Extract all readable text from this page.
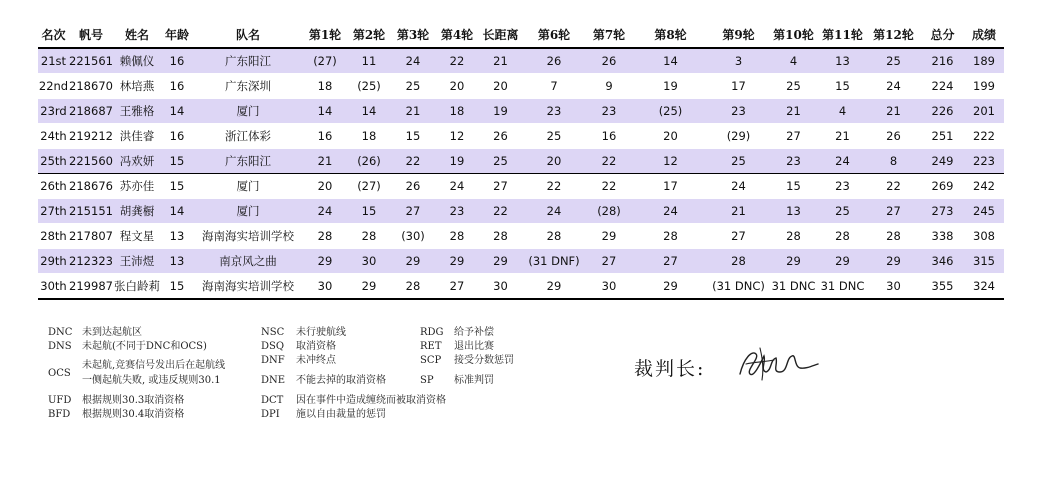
名次	帆号	姓名	年龄	队名	第1轮	第2轮	第3轮	第4轮	长距离	第6轮	第7轮	第8轮	第9轮	第10轮	第11轮	第12轮	总分	成绩
21st	221561	赖佩仪	16	广东阳江	(27)	11	24	22	21	26	26	14	3	4	13	25	216	189
22nd	218670	林培燕	16	广东深圳	18	(25)	25	20	20	7	9	19	17	25	15	24	224	199
23rd	218687	王雅格	14	厦门	14	14	21	18	19	23	23	(25)	23	21	4	21	226	201
24th	219212	洪佳睿	16	浙江体彩	16	18	15	12	26	25	16	20	(29)	27	21	26	251	222
25th	221560	冯欢妍	15	广东阳江	21	(26)	22	19	25	20	22	12	25	23	24	8	249	223
26th	218676	苏亦佳	15	厦门	20	(27)	26	24	27	22	22	17	24	15	23	22	269	242
27th	215151	胡龚橱	14	厦门	24	15	27	23	22	24	(28)	24	21	13	25	27	273	245
28th	217807	程文星	13	海南海实培训学校	28	28	(30)	28	28	28	29	28	27	28	28	28	338	308
29th	212323	王沛煜	13	南京风之曲	29	30	29	29	29	(31 DNF)	27	27	28	29	29	29	346	315
30th	219987	张白龄莉	15	海南海实培训学校	30	29	28	27	30	29	30	29	(31 DNC)	31 DNC	31 DNC	30	355	324
DNC 未到达起航区
DNS 未起航(不同于DNC和OCS)
OCS
未起航,竞赛信号发出后在起航线
一侧起航失败, 或违反规则30.1
UFD 根据规则30.3取消资格
BFD 根据规则30.4取消资格
NSC 未行驶航线
DSQ 取消资格
DNF 未冲终点
DNE 不能去掉的取消资格
DCT 因在事件中造成缠绕而被取消资格
DPI 施以自由裁量的惩罚
RDG 给予补偿
RET 退出比赛
SCP 接受分数惩罚
SP 标准判罚
裁判长:
